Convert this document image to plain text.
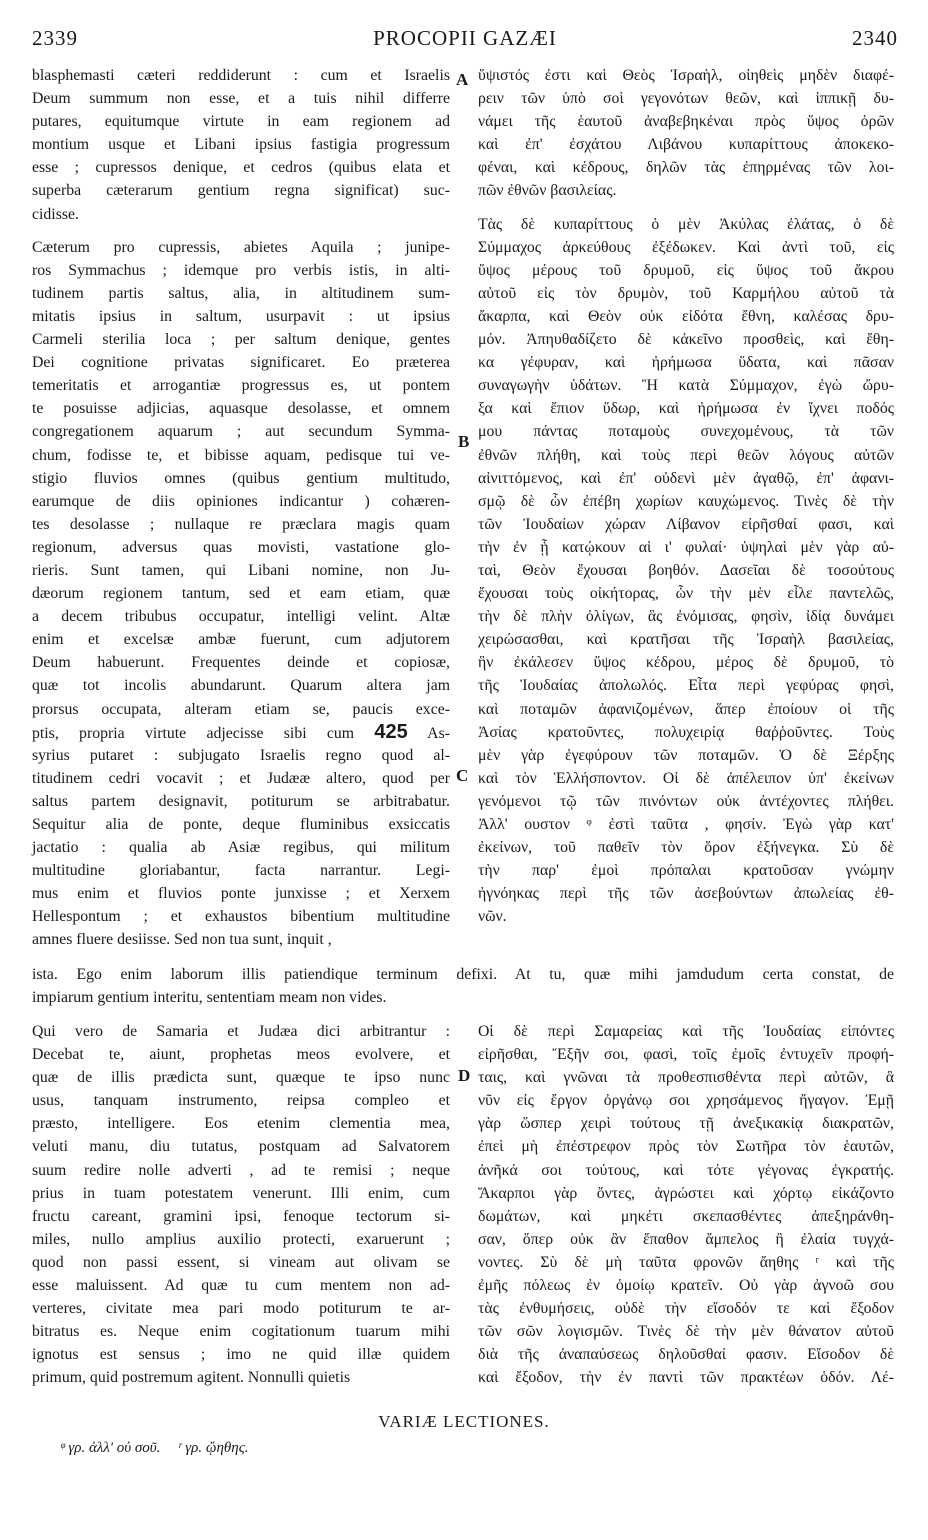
2339	PROCOPII GAZÆI	2340
blasphemasti cæteri reddiderunt : cum et Israelis
Deum summum non esse, et a tuis nihil differre
putares, equitumque virtute in eam regionem ad
montium usque et Libani ipsius fastigia progressum
esse ; cupressos denique, et cedros (quibus elata et
superba cæterarum gentium regna significat) suc-
cidisse.
Cæterum pro cupressis, abietes Aquila ; junipe-
ros Symmachus ; idemque pro verbis istis, in alti-
tudinem partis saltus, alia, in altitudinem sum-
mitatis ipsius in saltum, usurpavit : ut ipsius
Carmeli sterilia loca ; per saltum denique, gentes
Dei cognitione privatas significaret. Eo præterea
temeritatis et arrogantiæ progressus es, ut pontem
te posuisse adjicias, aquasque desolasse, et omnem
congregationem aquarum ; aut secundum Symma-
chum, fodisse te, et bibisse aquam, pedisque tui ve-
stigio fluvios omnes (quibus gentium multitudo,
earumque de diis opiniones indicantur ) cohæren-
tes desolasse ; nullaque re præclara magis quam
regionum, adversus quas movisti, vastatione glo-
rieris. Sunt tamen, qui Libani nomine, non Ju-
dæorum regionem tantum, sed et eam etiam, quæ
a decem tribubus occupatur, intelligi velint. Altæ
enim et excelsæ ambæ fuerunt, cum adjutorem
Deum habuerunt. Frequentes deinde et copiosæ,
quæ tot incolis abundarunt. Quarum altera jam
prorsus occupata, alteram etiam se, paucis exce-
ptis, propria virtute adjecisse sibi cum 425 As-
syrius putaret : subjugato Israelis regno quod al-
titudinem cedri vocavit ; et Judææ altero, quod per
saltus partem designavit, potiturum se arbitrabatur.
Sequitur alia de ponte, deque fluminibus exsiccatis
jactatio : qualia ab Asiæ regibus, qui militum
multitudine gloriabantur, facta narrantur. Legi-
mus enim et fluvios ponte junxisse ; et Xerxem
Hellespontum ; et exhaustos bibentium multitudine
amnes fluere desiisse. Sed non tua sunt, inquit ,
ὕψιστός ἐστι καὶ Θεὸς Ἰσραὴλ, οἰηθεὶς μηδὲν διαφέ-
ρειν τῶν ὑπὸ σοὶ γεγονότων θεῶν, καὶ ἱππικῇ δυ-
νάμει τῆς ἑαυτοῦ ἀναβεβηκέναι πρὸς ὕψος ὀρῶν
καὶ ἐπ' ἐσχάτου Λιβάνου κυπαρίττους ἀποκεκο-
φέναι, καὶ κέδρους, δηλῶν τὰς ἐπηρμένας τῶν λοι-
πῶν ἐθνῶν βασιλείας.
Τὰς δὲ κυπαρίττους ὁ μὲν Ἀκύλας ἐλάτας, ὁ δὲ
Σύμμαχος ἀρκεύθους ἐξέδωκεν. Καὶ ἀντὶ τοῦ, εἰς
ὕψος μέρους τοῦ δρυμοῦ, εἰς ὕψος τοῦ ἄκρου
αὐτοῦ εἰς τὸν δρυμὸν, τοῦ Καρμήλου αὐτοῦ τὰ
ἄκαρπα, καὶ Θεὸν οὐκ εἰδότα ἔθνη, καλέσας δρυ-
μόν. Ἀπηυθαδίζετο δὲ κἀκεῖνο προσθεὶς, καὶ ἔθη-
κα γέφυραν, καὶ ἠρήμωσα ὕδατα, καὶ πᾶσαν
συναγωγὴν ὑδάτων. Ἢ κατὰ Σύμμαχον, ἐγὼ ὤρυ-
ξα καὶ ἔπιον ὕδωρ, καὶ ἠρήμωσα ἐν ἴχνει ποδός
μου πάντας ποταμοὺς συνεχομένους, τὰ τῶν
ἐθνῶν πλήθη, καὶ τοὺς περὶ θεῶν λόγους αὐτῶν
αἰνιττόμενος, καὶ ἐπ' οὐδενὶ μὲν ἀγαθῷ, ἐπ' ἀφανι-
σμῷ δὲ ὧν ἐπέβη χωρίων καυχώμενος. Τινὲς δὲ τὴν
τῶν Ἰουδαίων χώραν Λίβανον εἰρῆσθαί φασι, καὶ
τὴν ἐν ᾗ κατῴκουν αἱ ι' φυλαί· ὑψηλαὶ μὲν γὰρ αὐ-
ταὶ, Θεὸν ἔχουσαι βοηθόν. Δασεῖαι δὲ τοσούτους
ἔχουσαι τοὺς οἰκήτορας, ὧν τὴν μὲν εἷλε παντελῶς,
τὴν δὲ πλὴν ὀλίγων, ἃς ἐνόμισας, φησὶν, ἰδίᾳ δυνάμει
χειρώσασθαι, καὶ κρατῆσαι τῆς Ἰσραὴλ βασιλείας,
ἣν ἐκάλεσεν ὕψος κέδρου, μέρος δὲ δρυμοῦ, τὸ
τῆς Ἰουδαίας ἀπολωλός. Εἶτα περὶ γεφύρας φησὶ,
καὶ ποταμῶν ἀφανιζομένων, ἅπερ ἐποίουν οἱ τῆς
Ἀσίας κρατοῦντες, πολυχειρίᾳ θαῤῥοῦντες. Τοὺς
μὲν γὰρ ἐγεφύρουν τῶν ποταμῶν. Ὁ δὲ Ξέρξης
καὶ τὸν Ἑλλήσποντον. Οἱ δὲ ἀπέλειπον ὑπ' ἐκείνων
γενόμενοι τῷ τῶν πινόντων οὐκ ἀντέχοντες πλήθει.
Ἀλλ' ουστον ᵠ ἐστὶ ταῦτα , φησίν. Ἐγὼ γὰρ κατ'
ἐκείνων, τοῦ παθεῖν τὸν ὅρον ἐξήνεγκα. Σὺ δὲ
τὴν παρ' ἐμοὶ πρόπαλαι κρατοῦσαν γνώμην
ἠγνόηκας περὶ τῆς τῶν ἀσεβούντων ἀπωλείας ἐθ-
νῶν.
ista. Ego enim laborum illis patiendique terminum defixi. At tu, quæ mihi jamdudum certa constat, de
impiarum gentium interitu, sententiam meam non vides.
Qui vero de Samaria et Judæa dici arbitrantur :
Decebat te, aiunt, prophetas meos evolvere, et
quæ de illis prædicta sunt, quæque te ipso nunc
usus, tanquam instrumento, reipsa compleo et
præsto, intelligere. Eos etenim clementia mea,
veluti manu, diu tutatus, postquam ad Salvatorem
suum redire nolle adverti , ad te remisi ; neque
prius in tuam potestatem venerunt. Illi enim, cum
fructu careant, gramini ipsi, fenoque tectorum si-
miles, nullo amplius auxilio protecti, exaruerunt ;
quod non passi essent, si vineam aut olivam se
esse maluissent. Ad quæ tu cum mentem non ad-
verteres, civitate mea pari modo potiturum te ar-
bitratus es. Neque enim cogitationum tuarum mihi
ignotus est sensus ; imo ne quid illæ quidem
primum, quid postremum agitent. Nonnulli quietis
Οἱ δὲ περὶ Σαμαρείας καὶ τῆς Ἰουδαίας εἰπόντες
εἰρῆσθαι, Ἔξῆν σοι, φασὶ, τοῖς ἐμοῖς ἐντυχεῖν προφή-
ταις, καὶ γνῶναι τὰ προθεσπισθέντα περὶ αὐτῶν, ἃ
νῦν εἰς ἔργον ὀργάνῳ σοι χρησάμενος ἤγαγον. Ἐμῇ
γὰρ ὥσπερ χειρὶ τούτους τῇ ἀνεξικακίᾳ διακρατῶν,
ἐπεὶ μὴ ἐπέστρεφον πρὸς τὸν Σωτῆρα τὸν ἑαυτῶν,
ἀνῆκά σοι τούτους, καὶ τότε γέγονας ἐγκρατής.
Ἄκαρποι γὰρ ὄντες, ἀγρώστει καὶ χόρτῳ εἰκάζοντο
δωμάτων, καὶ μηκέτι σκεπασθέντες ἀπεξηράνθη-
σαν, ὅπερ οὐκ ἂν ἔπαθον ἄμπελος ἢ ἐλαία τυγχά-
νοντες. Σὺ δὲ μὴ ταῦτα φρονῶν ἄηθης ʳ καὶ τῆς
ἐμῆς πόλεως ἐν ὁμοίῳ κρατεῖν. Οὐ γὰρ ἀγνοῶ σου
τὰς ἐνθυμήσεις, οὐδὲ τὴν εἴσοδόν τε καὶ ἔξοδον
τῶν σῶν λογισμῶν. Τινὲς δὲ τὴν μὲν θάνατον αὐτοῦ
διὰ τῆς ἀναπαύσεως δηλοῦσθαί φασιν. Εἴσοδον δὲ
καὶ ἔξοδον, τὴν ἐν παντὶ τῶν πρακτέων ὁδόν. Λέ-
A
B
C
D
VARIÆ LECTIONES.
ᵠ γρ. ἀλλ' οὐ σοῦ. ʳ γρ. ᾤηθης.
